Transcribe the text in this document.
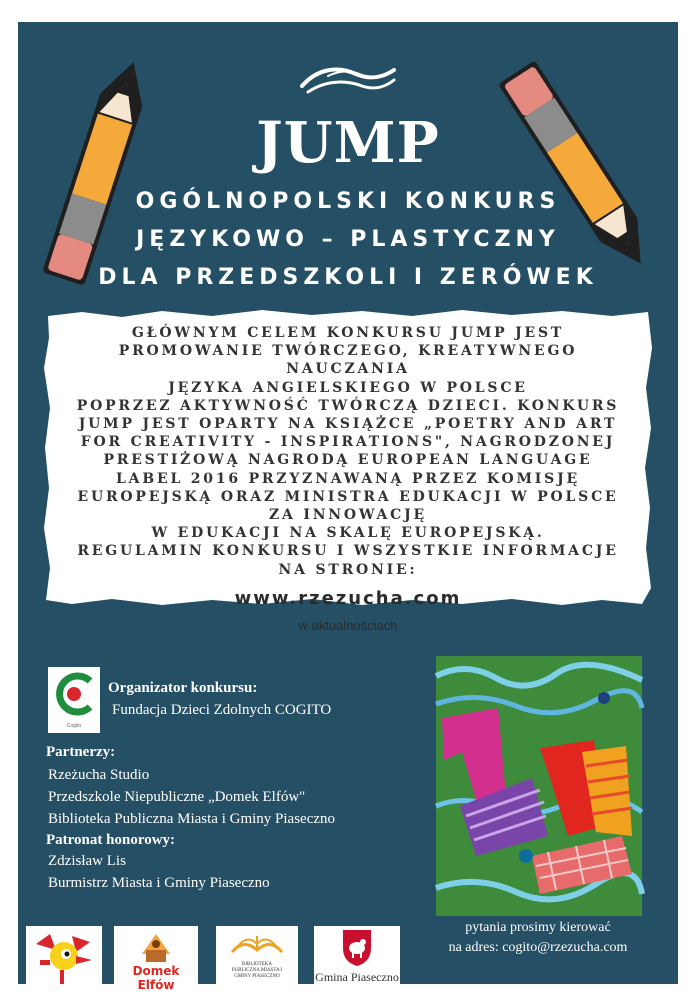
JUMP
OGÓLNOPOLSKI KONKURS
JĘZYKOWO – PLASTYCZNY
DLA PRZEDSZKOLI I ZERÓWEK
GŁÓWNYM CELEM KONKURSU JUMP JEST
PROMOWANIE TWÓRCZEGO, KREATYWNEGO
NAUCZANIA
JĘZYKA ANGIELSKIEGO W POLSCE
POPRZEZ AKTYWNOŚĆ TWÓRCZĄ DZIECI. KONKURS
JUMP JEST OPARTY NA KSIĄŻCE „POETRY AND ART
FOR CREATIVITY - INSPIRATIONS", NAGRODZONEJ
PRESTIŻOWĄ NAGRODĄ EUROPEAN LANGUAGE
LABEL 2016 PRZYZNAWANĄ PRZEZ KOMISJĘ
EUROPEJSKĄ ORAZ MINISTRA EDUKACJI W POLSCE
ZA INNOWACJĘ
W EDUKACJI NA SKALĘ EUROPEJSKĄ.
REGULAMIN KONKURSU I WSZYSTKIE INFORMACJE
NA STRONIE:
www.rzezucha.com
w aktualnościach
Cogito
Organizator konkursu:
Fundacja Dzieci Zdolnych COGITO
Partnerzy:
Rzeżucha Studio
Przedszkole Niepubliczne „Domek Elfów"
Biblioteka Publiczna Miasta i Gminy Piaseczno
Patronat honorowy:
Zdzisław Lis
Burmistrz Miasta i Gminy Piaseczno
pytania prosimy kierować
na adres: cogito@rzezucha.com
Domek Elfów
BIBLIOTEKA PUBLICZNA MIASTA I GMINY PIASECZNO	Gmina Piaseczno
